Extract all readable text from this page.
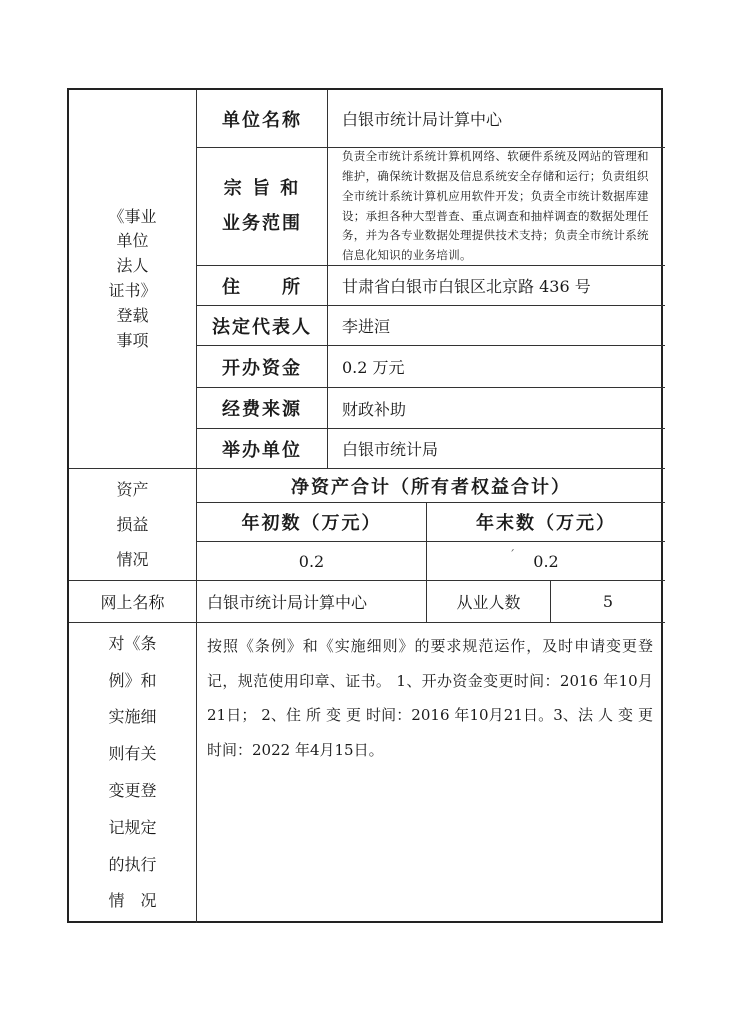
《事业
单位
法人
证书》
登载
事项
单位名称	白银市统计局计算中心
宗 旨 和
业务范围
负责全市统计系统计算机网络、软硬件系统及网站的管理和维护，确保统计数据及信息系统安全存储和运行；负责组织全市统计系统计算机应用软件开发；负责全市统计数据库建设；承担各种大型普查、重点调查和抽样调查的数据处理任务，并为各专业数据处理提供技术支持；负责全市统计系统信息化知识的业务培训。
住　　所	甘肃省白银市白银区北京路 436 号
法定代表人	李进洹
开办资金	0.2 万元
经费来源	财政补助
举办单位	白银市统计局
资产
损益
情况
净资产合计（所有者权益合计）
年初数（万元）	年末数（万元）
0.2	0.2
ˊ
网上名称	白银市统计局计算中心	从业人数	5
对《条
例》和
实施细
则有关
变更登
记规定
的执行
情　况
按照《条例》和《实施细则》的要求规范运作，及时申请变更登记，规范使用印章、证书。 1、开办资金变更时间：2016 年10月21日； 2、住 所 变 更 时间：2016 年10月21日。3、法 人 变 更 时间：2022 年4月15日。
